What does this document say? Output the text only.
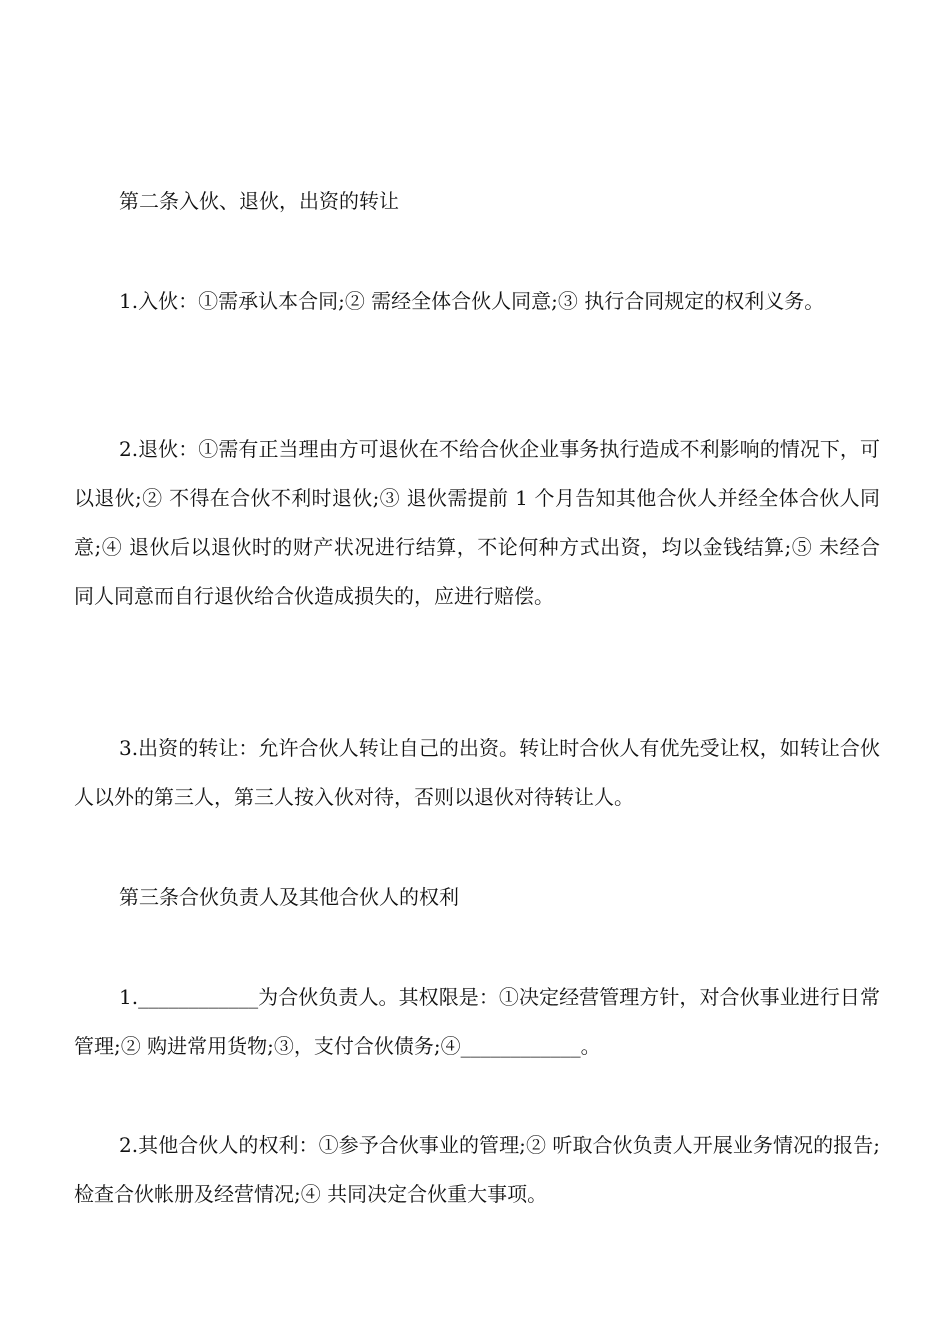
第二条入伙、退伙，出资的转让

1.入伙：①需承认本合同;② 需经全体合伙人同意;③ 执行合同规定的权利义务。

2.退伙：①需有正当理由方可退伙在不给合伙企业事务执行造成不利影响的情况下，可以退伙;② 不得在合伙不利时退伙;③ 退伙需提前 1 个月告知其他合伙人并经全体合伙人同意;④ 退伙后以退伙时的财产状况进行结算，不论何种方式出资，均以金钱结算;⑤ 未经合同人同意而自行退伙给合伙造成损失的，应进行赔偿。

3.出资的转让：允许合伙人转让自己的出资。转让时合伙人有优先受让权，如转让合伙人以外的第三人，第三人按入伙对待，否则以退伙对待转让人。

第三条合伙负责人及其他合伙人的权利

1.____________为合伙负责人。其权限是：①决定经营管理方针，对合伙事业进行日常管理;② 购进常用货物;③，支付合伙债务;④____________。

2.其他合伙人的权利：①参予合伙事业的管理;② 听取合伙负责人开展业务情况的报告;检查合伙帐册及经营情况;④ 共同决定合伙重大事项。
